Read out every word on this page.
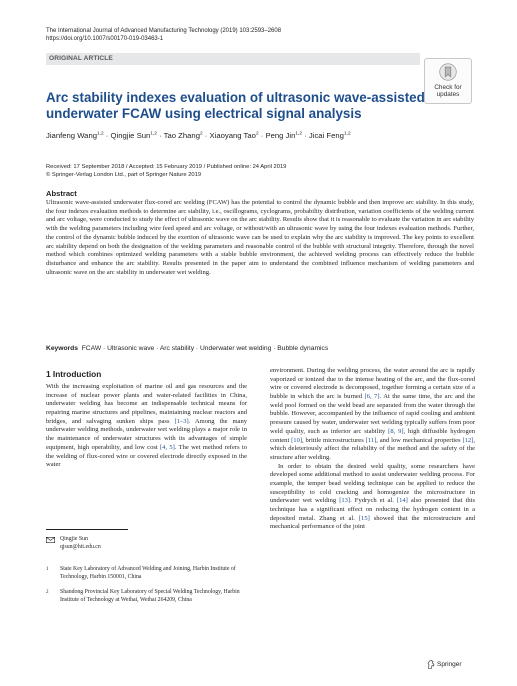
The International Journal of Advanced Manufacturing Technology (2019) 103:2593–2608
https://doi.org/10.1007/s00170-019-03463-1
ORIGINAL ARTICLE
Check for
updates
Arc stability indexes evaluation of ultrasonic wave-assisted underwater FCAW using electrical signal analysis
Jianfeng Wang$^{1,2}$ · Qingjie Sun$^{1,2}$ · Tao Zhang$^2$ · Xiaoyang Tao$^2$ · Peng Jin$^{1,2}$ · Jicai Feng$^{1,2}$
Received: 17 September 2018 / Accepted: 15 February 2019 / Published online: 24 April 2019
© Springer-Verlag London Ltd., part of Springer Nature 2019
Abstract
Ultrasonic wave-assisted underwater flux-cored arc welding (FCAW) has the potential to control the dynamic bubble and then improve arc stability. In this study, the four indexes evaluation methods to determine arc stability, i.e., oscillograms, cyclograms, probability distribution, variation coefficients of the welding current and arc voltage, were conducted to study the effect of ultrasonic wave on the arc stability. Results show that it is reasonable to evaluate the variation in arc stability with the welding parameters including wire feed speed and arc voltage, or without/with an ultrasonic wave by using the four indexes evaluation methods. Further, the control of the dynamic bubble induced by the exertion of ultrasonic wave can be used to explain why the arc stability is improved. The key points to excellent arc stability depend on both the designation of the welding parameters and reasonable control of the bubble with structural integrity. Therefore, through the novel method which combines optimized welding parameters with a stable bubble environment, the achieved welding process can effectively reduce the bubble disturbance and enhance the arc stability. Results presented in the paper aim to understand the combined influence mechanism of welding parameters and ultrasonic wave on the arc stability in underwater wet welding.
Keywords FCAW · Ultrasonic wave · Arc stability · Underwater wet welding · Bubble dynamics
1 Introduction

With the increasing exploitation of marine oil and gas resources and the increase of nuclear power plants and water-related facilities in China, underwater welding has become an indispensable technical means for repairing marine structures and pipelines, maintaining nuclear reactors and bridges, and salvaging sunken ships pass [1–3]. Among the many underwater welding methods, underwater wet welding plays a major role in the maintenance of underwater structures with its advantages of simple equipment, high operability, and low cost [4, 5]. The wet method refers to the welding of flux-cored wire or covered electrode directly exposed in the water

environment. During the welding process, the water around the arc is rapidly vaporized or ionized due to the intense heating of the arc, and the flux-cored wire or covered electrode is decomposed, together forming a certain size of a bubble in which the arc is burned [6, 7]. At the same time, the arc and the weld pool formed on the weld bead are separated from the water through the bubble. However, accompanied by the influence of rapid cooling and ambient pressure caused by water, underwater wet welding typically suffers from poor weld quality, such as inferior arc stability [8, 9], high diffusible hydrogen content [10], brittle microstructures [11], and low mechanical properties [12], which deleteriously affect the reliability of the method and the safety of the structure after welding.

In order to obtain the desired weld quality, some researchers have developed some additional method to assist underwater welding process. For example, the temper bead welding technique can be applied to reduce the susceptibility to cold cracking and homogenize the microstructure in underwater wet welding [13]. Fydrych et al. [14] also presented that this technique has a significant effect on reducing the hydrogen content in a deposited metal. Zhang et al. [15] showed that the microstructure and mechanical performance of the joint

Qingjie Sun
qjsun@hit.edu.cn
1	State Key Laboratory of Advanced Welding and Joining, Harbin Institute of Technology, Harbin 150001, China
2	Shandong Provincial Key Laboratory of Special Welding Technology, Harbin Institute of Technology at Weihai, Weihai 264209, China
Springer
